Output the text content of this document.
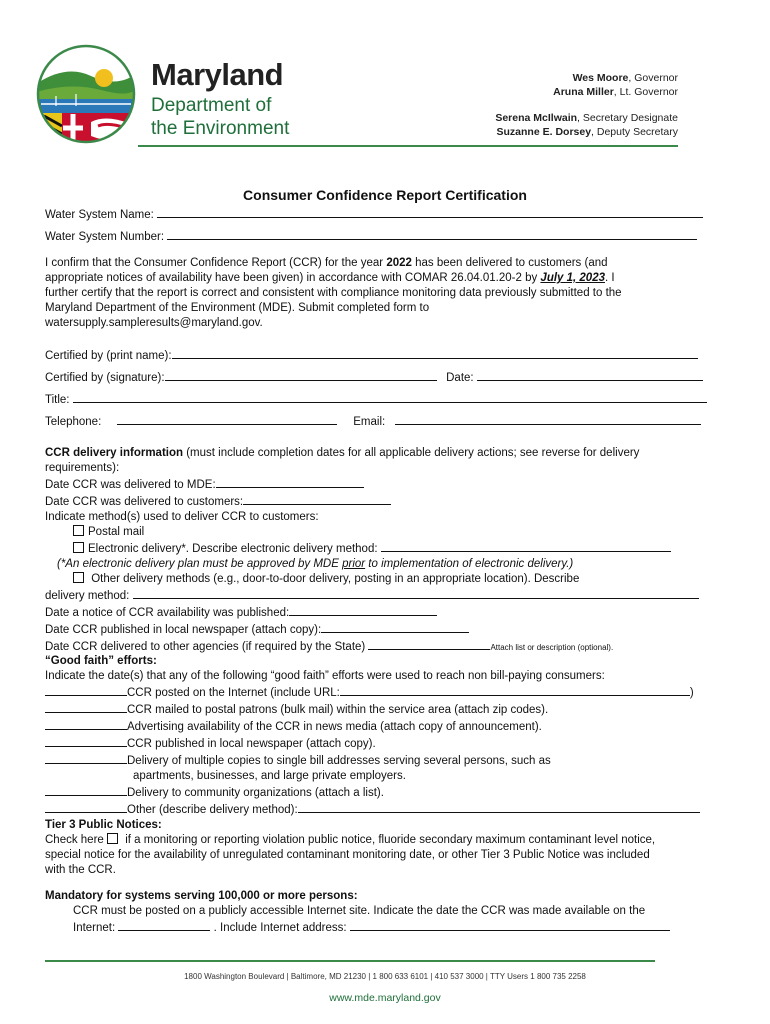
Maryland
Department of
the Environment
Wes Moore, Governor
Aruna Miller, Lt. Governor
Serena McIlwain, Secretary Designate
Suzanne E. Dorsey, Deputy Secretary
Consumer Confidence Report Certification
Water System Name:
Water System Number:
I confirm that the Consumer Confidence Report (CCR) for the year 2022 has been delivered to customers (and
appropriate notices of availability have been given) in accordance with COMAR 26.04.01.20-2 by July 1, 2023. I
further certify that the report is correct and consistent with compliance monitoring data previously submitted to the
Maryland Department of the Environment (MDE). Submit completed form to
watersupply.sampleresults@maryland.gov.
Certified by (print name):
Certified by (signature):	Date:
Title:
Telephone:	Email:
CCR delivery information (must include completion dates for all applicable delivery actions; see reverse for delivery
requirements):
Date CCR was delivered to MDE:
Date CCR was delivered to customers:
Indicate method(s) used to deliver CCR to customers:
Postal mail
Electronic delivery*. Describe electronic delivery method:
(*An electronic delivery plan must be approved by MDE prior to implementation of electronic delivery.)
Other delivery methods (e.g., door-to-door delivery, posting in an appropriate location). Describe
delivery method:
Date a notice of CCR availability was published:
Date CCR published in local newspaper (attach copy):
Date CCR delivered to other agencies (if required by the State)	Attach list or description (optional).
“Good faith” efforts:
Indicate the date(s) that any of the following “good faith” efforts were used to reach non bill-paying consumers:
CCR posted on the Internet (include URL:	)
CCR mailed to postal patrons (bulk mail) within the service area (attach zip codes).
Advertising availability of the CCR in news media (attach copy of announcement).
CCR published in local newspaper (attach copy).
Delivery of multiple copies to single bill addresses serving several persons, such as
apartments, businesses, and large private employers.
Delivery to community organizations (attach a list).
Other (describe delivery method):
Tier 3 Public Notices:
Check here  if a monitoring or reporting violation public notice, fluoride secondary maximum contaminant level notice,
special notice for the availability of unregulated contaminant monitoring date, or other Tier 3 Public Notice was included
with the CCR.
Mandatory for systems serving 100,000 or more persons:
CCR must be posted on a publicly accessible Internet site. Indicate the date the CCR was made available on the
Internet:	. Include Internet address:
1800 Washington Boulevard | Baltimore, MD 21230 | 1 800 633 6101 | 410 537 3000 | TTY Users 1 800 735 2258
www.mde.maryland.gov
